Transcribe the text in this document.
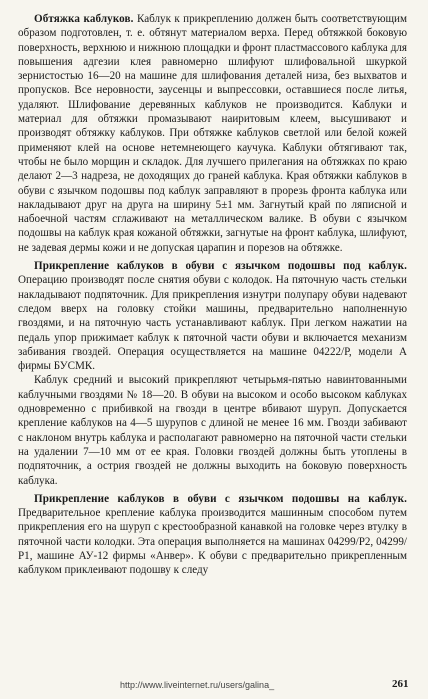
Обтяжка каблуков. Каблук к прикреплению должен быть соответствующим образом подготовлен, т. е. обтянут материалом верха. Перед обтяжкой боковую поверхность, верхнюю и нижнюю площадки и фронт пластмассового каблука для повышения адгезии клея равномерно шлифуют шлифовальной шкуркой зернистостью 16—20 на машине для шлифования деталей низа, без выхватов и пропусков. Все неровности, заусенцы и выпрессовки, оставшиеся после литья, удаляют. Шлифование деревянных каблуков не производится. Каблуки и материал для обтяжки промазывают наиритовым клеем, высушивают и производят обтяжку каблуков. При обтяжке каблуков светлой или белой кожей применяют клей на основе нетемнеющего каучука. Каблуки обтягивают так, чтобы не было морщин и складок. Для лучшего прилегания на обтяжках по краю делают 2—3 надреза, не доходящих до граней каблука. Края обтяжки каблуков в обуви с язычком подошвы под каблук заправляют в прорезь фронта каблука или накладывают друг на друга на ширину 5±1 мм. Загнутый край по ляписной и набоечной частям сглаживают на металлическом валике. В обуви с язычком подошвы на каблук края кожаной обтяжки, загнутые на фронт каблука, шлифуют, не задевая дермы кожи и не допуская царапин и порезов на обтяжке.

Прикрепление каблуков в обуви с язычком подошвы под каблук. Операцию производят после снятия обуви с колодок. На пяточную часть стельки накладывают подпяточник. Для прикрепления изнутри полупару обуви надевают следом вверх на головку стойки машины, предварительно наполненную гвоздями, и на пяточную часть устанавливают каблук. При легком нажатии на педаль упор прижимает каблук к пяточной части обуви и включается механизм забивания гвоздей. Операция осуществляется на машине 04222/Р, модели А фирмы БУСМК.

Каблук средний и высокий прикрепляют четырьмя-пятью навинтованными каблучными гвоздями № 18—20. В обуви на высоком и особо высоком каблуках одновременно с прибивкой на гвозди в центре вбивают шуруп. Допускается крепление каблуков на 4—5 шурупов с длиной не менее 16 мм. Гвозди забивают с наклоном внутрь каблука и располагают равномерно на пяточной части стельки на удалении 7—10 мм от ее края. Головки гвоздей должны быть утоплены в подпяточник, а острия гвоздей не должны выходить на боковую поверхность каблука.

Прикрепление каблуков в обуви с язычком подошвы на каблук. Предварительное крепление каблука производится машинным способом путем прикрепления его на шуруп с крестообразной канавкой на головке через втулку в пяточной части колодки. Эта операция выполняется на машинах 04299/Р2, 04299/Р1, машине АУ-12 фирмы «Анвер». К обуви с предварительно прикрепленным каблуком приклеивают подошву к следу

http://www.liveinternet.ru/users/galina_	261
